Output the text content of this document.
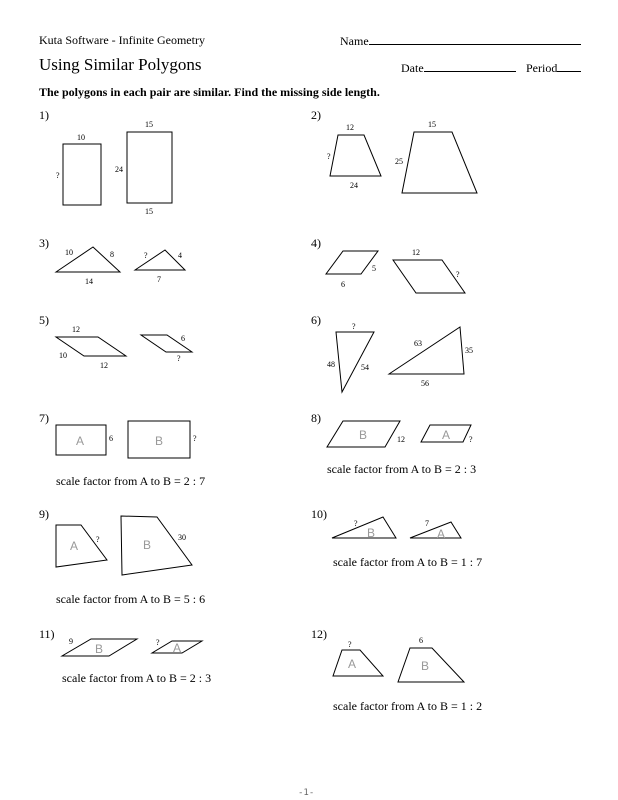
Kuta Software - Infinite Geometry	Name
Using Similar Polygons	Date	Period
The polygons in each pair are similar. Find the missing side length.
1)	2)
3)	4)
5)	6)
7)	8)
9)	10)
11)	12)
scale factor from A to B = 2 : 7
scale factor from A to B = 2 : 3
scale factor from A to B = 5 : 6
scale factor from A to B = 1 : 7
scale factor from A to B = 2 : 3
scale factor from A to B = 1 : 2
-1-
10
?
15
24
15
12
?
24
15
25
10	8
14
?	4
7
5
6
12
?
12
10
12
6
?
?
48	54
63
35
56
A	6	B	?	B	12	A ?
A ?	B
30
?
B
7
A
9
B	? A	?
A
6
B
